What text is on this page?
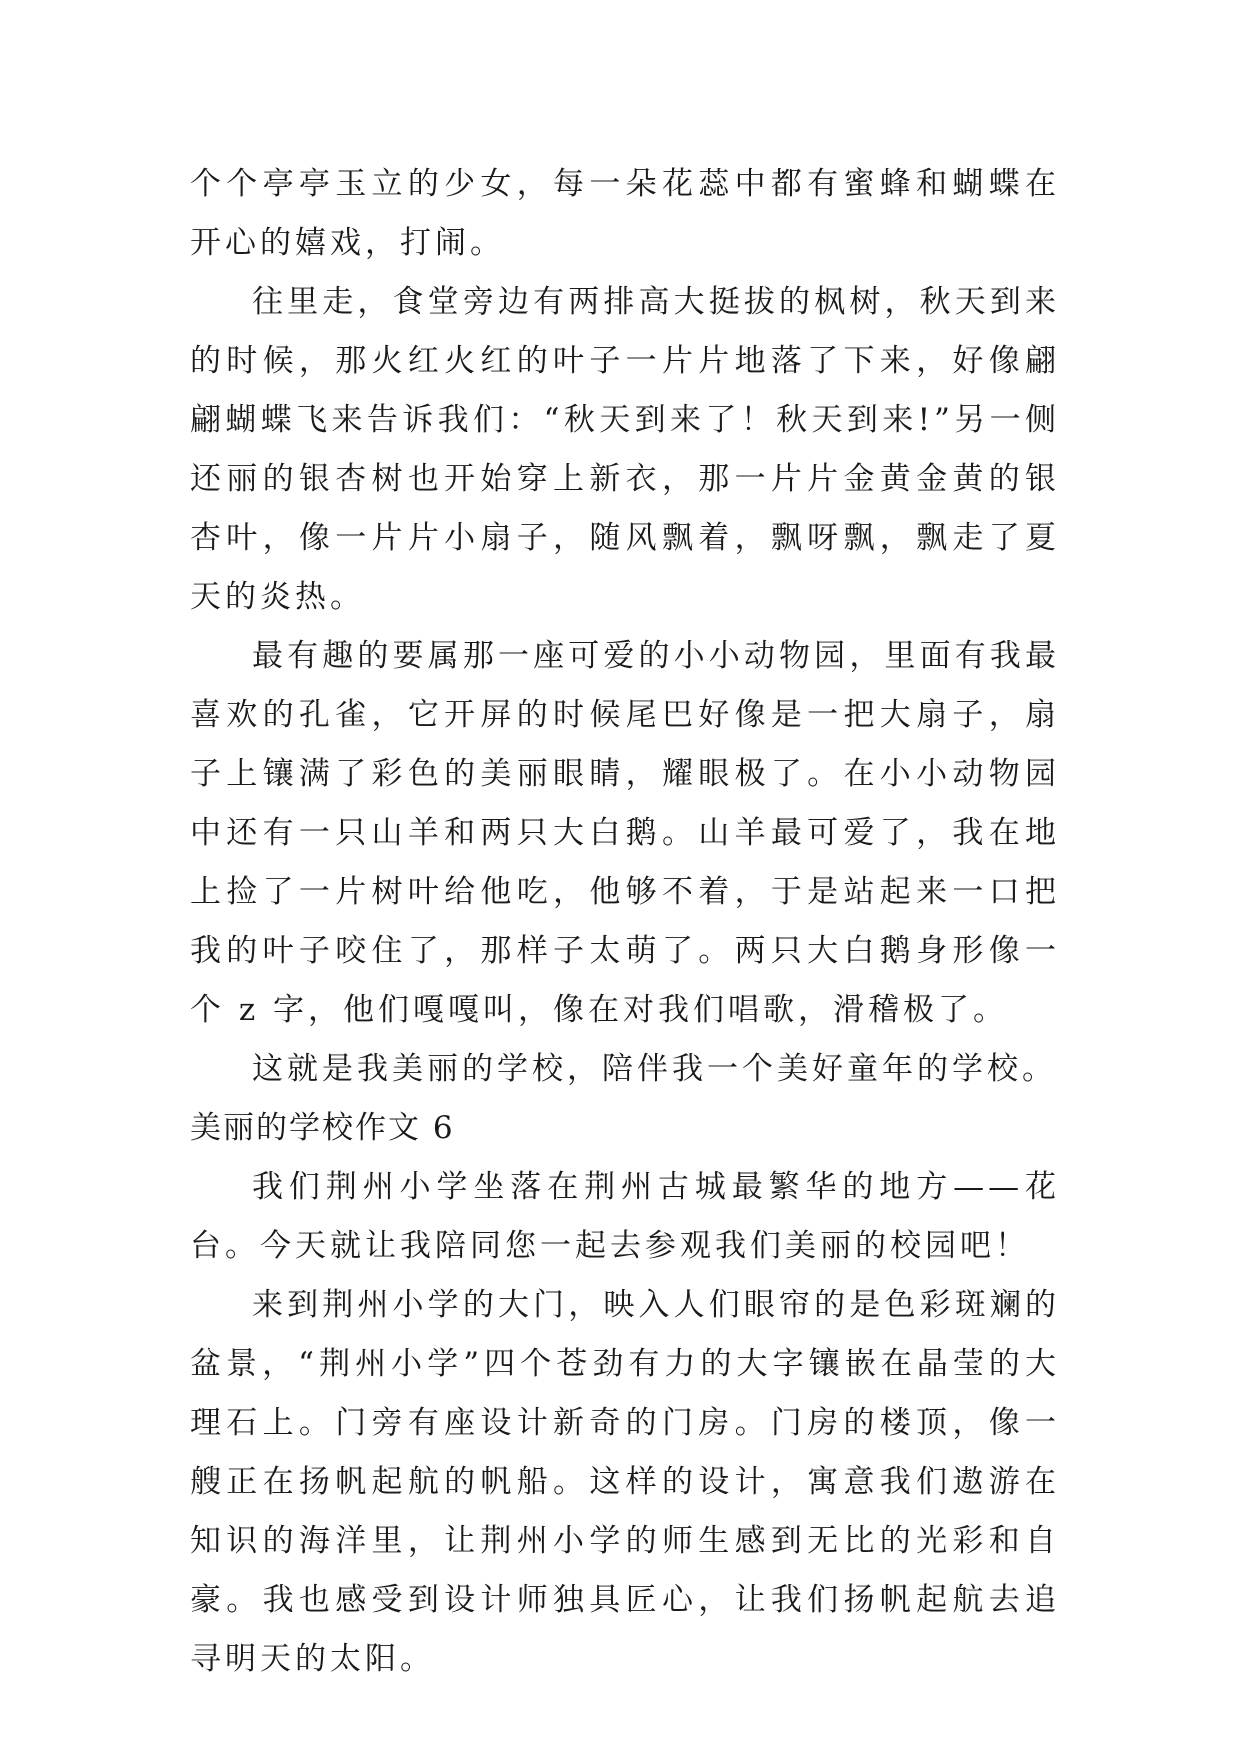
个个亭亭玉立的少女，每一朵花蕊中都有蜜蜂和蝴蝶在开心的嬉戏，打闹。

往里走，食堂旁边有两排高大挺拔的枫树，秋天到来的时候，那火红火红的叶子一片片地落了下来，好像翩翩蝴蝶飞来告诉我们：“秋天到来了！秋天到来!”另一侧还丽的银杏树也开始穿上新衣，那一片片金黄金黄的银杏叶，像一片片小扇子，随风飘着，飘呀飘，飘走了夏天的炎热。

最有趣的要属那一座可爱的小小动物园，里面有我最喜欢的孔雀，它开屏的时候尾巴好像是一把大扇子，扇子上镶满了彩色的美丽眼睛，耀眼极了。在小小动物园中还有一只山羊和两只大白鹅。山羊最可爱了，我在地上捡了一片树叶给他吃，他够不着，于是站起来一口把我的叶子咬住了，那样子太萌了。两只大白鹅身形像一个 z 字，他们嘎嘎叫，像在对我们唱歌，滑稽极了。

这就是我美丽的学校，陪伴我一个美好童年的学校。

美丽的学校作文 6

我们荆州小学坐落在荆州古城最繁华的地方——花台。今天就让我陪同您一起去参观我们美丽的校园吧！

来到荆州小学的大门，映入人们眼帘的是色彩斑斓的盆景，“荆州小学”四个苍劲有力的大字镶嵌在晶莹的大理石上。门旁有座设计新奇的门房。门房的楼顶，像一艘正在扬帆起航的帆船。这样的设计，寓意我们遨游在知识的海洋里，让荆州小学的师生感到无比的光彩和自豪。我也感受到设计师独具匠心，让我们扬帆起航去追寻明天的太阳。
